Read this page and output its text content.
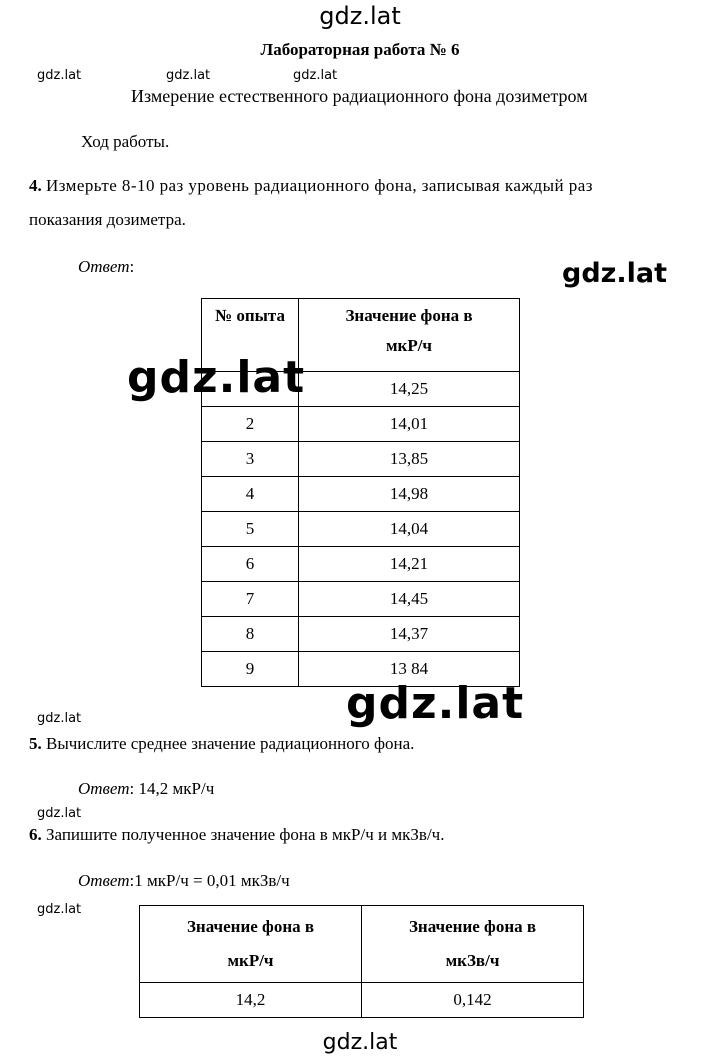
gdz.lat
gdz.lat	gdz.lat	gdz.lat
gdz.lat
gdz.lat
gdz.lat
gdz.lat
gdz.lat
Лабораторная работа № 6
Измерение естественного радиационного фона дозиметром
Ход работы.
4. Измерьте 8-10 раз уровень радиационного фона, записывая каждый раз
показания дозиметра.
Ответ:
№ опыта	Значение фона в
мкР/ч
	14,25
2	14,01
3	13,85
4	14,98
5	14,04
6	14,21
7	14,45
8	14,37
9	13 84
gdz.lat
gdz.lat
5. Вычислите среднее значение радиационного фона.
Ответ: 14,2 мкР/ч
6. Запишите полученное значение фона в мкР/ч и мкЗв/ч.
Ответ:1 мкР/ч = 0,01 мкЗв/ч
Значение фона в
мкР/ч	Значение фона в
мкЗв/ч
14,2	0,142
